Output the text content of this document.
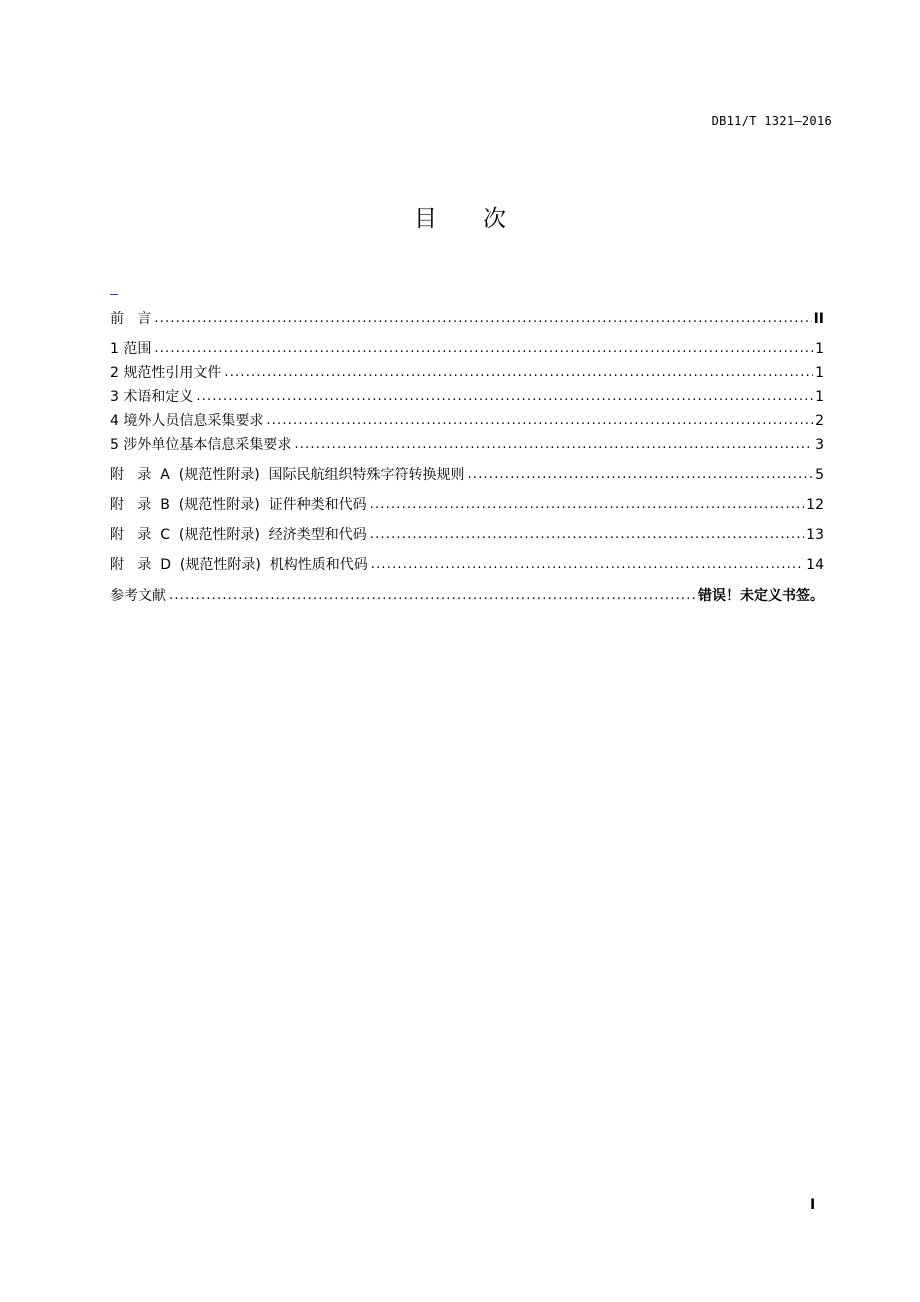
DB11/T 1321—2016
目次
前   言 .....	II
1 范围 .....	1
2 规范性引用文件 .....	1
3 术语和定义 .....	1
4 境外人员信息采集要求 .....	2
5 涉外单位基本信息采集要求 .....	3
附   录  A  (规范性附录)  国际民航组织特殊字符转换规则 .....	5
附   录  B  (规范性附录)  证件种类和代码 .....	12
附   录  C  (规范性附录)  经济类型和代码 .....	13
附   录  D  (规范性附录)  机构性质和代码 .....	14
参考文献 .....	错误！未定义书签。
I
